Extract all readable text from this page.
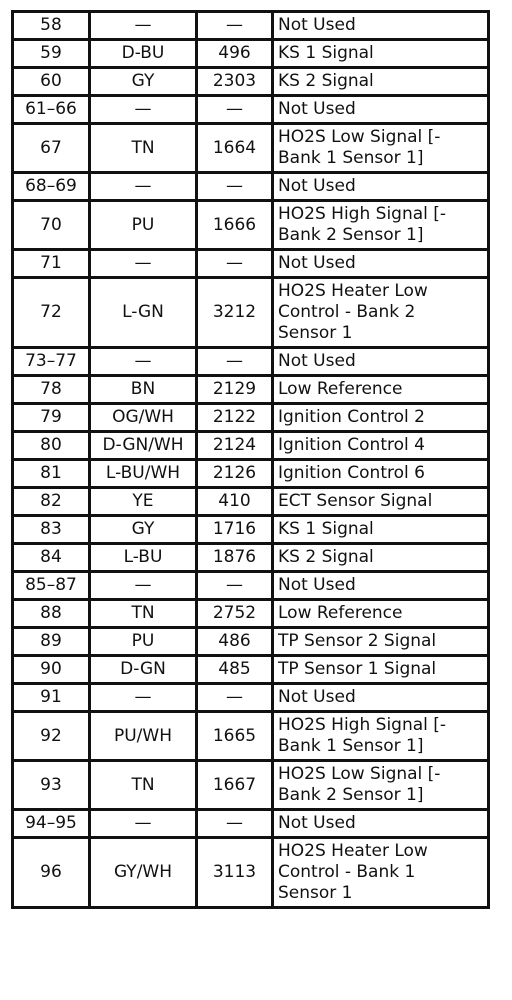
58	—	—	Not Used
59	D-BU	496	KS 1 Signal
60	GY	2303	KS 2 Signal
61–66	—	—	Not Used
67	TN	1664	HO2S Low Signal [-
Bank 1 Sensor 1]
68–69	—	—	Not Used
70	PU	1666	HO2S High Signal [-
Bank 2 Sensor 1]
71	—	—	Not Used
72	L-GN	3212	HO2S Heater Low
Control - Bank 2
Sensor 1
73–77	—	—	Not Used
78	BN	2129	Low Reference
79	OG/WH	2122	Ignition Control 2
80	D-GN/WH	2124	Ignition Control 4
81	L-BU/WH	2126	Ignition Control 6
82	YE	410	ECT Sensor Signal
83	GY	1716	KS 1 Signal
84	L-BU	1876	KS 2 Signal
85–87	—	—	Not Used
88	TN	2752	Low Reference
89	PU	486	TP Sensor 2 Signal
90	D-GN	485	TP Sensor 1 Signal
91	—	—	Not Used
92	PU/WH	1665	HO2S High Signal [-
Bank 1 Sensor 1]
93	TN	1667	HO2S Low Signal [-
Bank 2 Sensor 1]
94–95	—	—	Not Used
96	GY/WH	3113	HO2S Heater Low
Control - Bank 1
Sensor 1
